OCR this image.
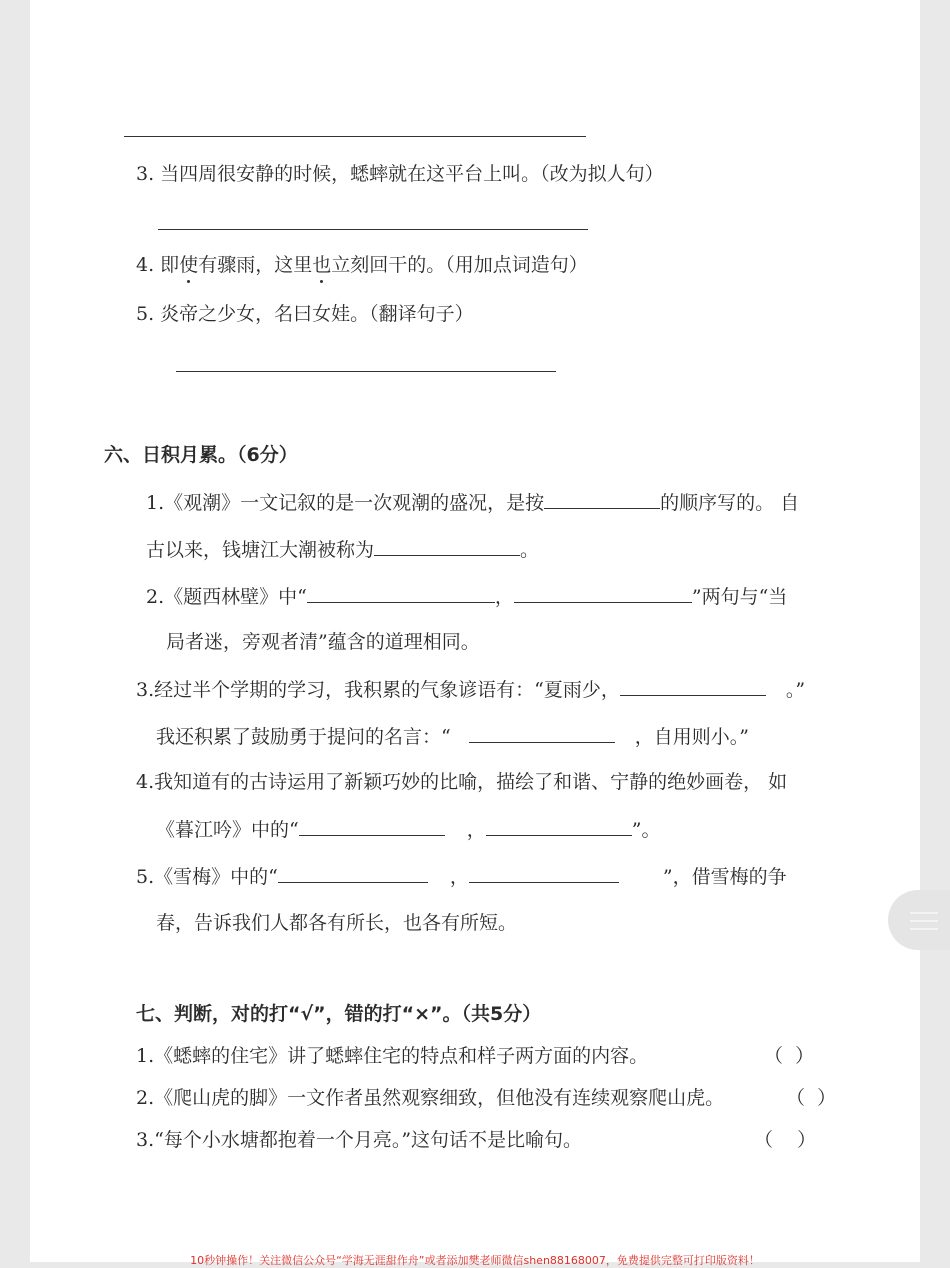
3. 当四周很安静的时候，蟋蟀就在这平台上叫。（改为拟人句）
4. 即使有骤雨，这里也立刻回干的。（用加点词造句）
5. 炎帝之少女，名曰女娃。（翻译句子）
六、日积月累。（6分）
1.《观潮》一文记叙的是一次观潮的盛况，是按	的顺序写的。 自
古以来，钱塘江大潮被称为	。
2.《题西林壁》中“	，	”两句与“当
局者迷，旁观者清”蕴含的道理相同。
3.经过半个学期的学习，我积累的气象谚语有：“夏雨少，	。”
我还积累了鼓励勇于提问的名言：“	，自用则小。”
4.我知道有的古诗运用了新颖巧妙的比喻，描绘了和谐、宁静的绝妙画卷， 如
《暮江吟》中的“	，	”。
5.《雪梅》中的“	，	”，借雪梅的争
春，告诉我们人都各有所长，也各有所短。
七、判断，对的打“√”，错的打“×”。（共5分）
1.《蟋蟀的住宅》讲了蟋蟀住宅的特点和样子两方面的内容。	（  ）
2.《爬山虎的脚》一文作者虽然观察细致，但他没有连续观察爬山虎。	（  ）
3.“每个小水塘都抱着一个月亮。”这句话不是比喻句。	（    ）
10秒钟操作！关注微信公众号“学海无涯甜作舟”或者添加樊老师微信shen88168007，免费提供完整可打印版资料！
